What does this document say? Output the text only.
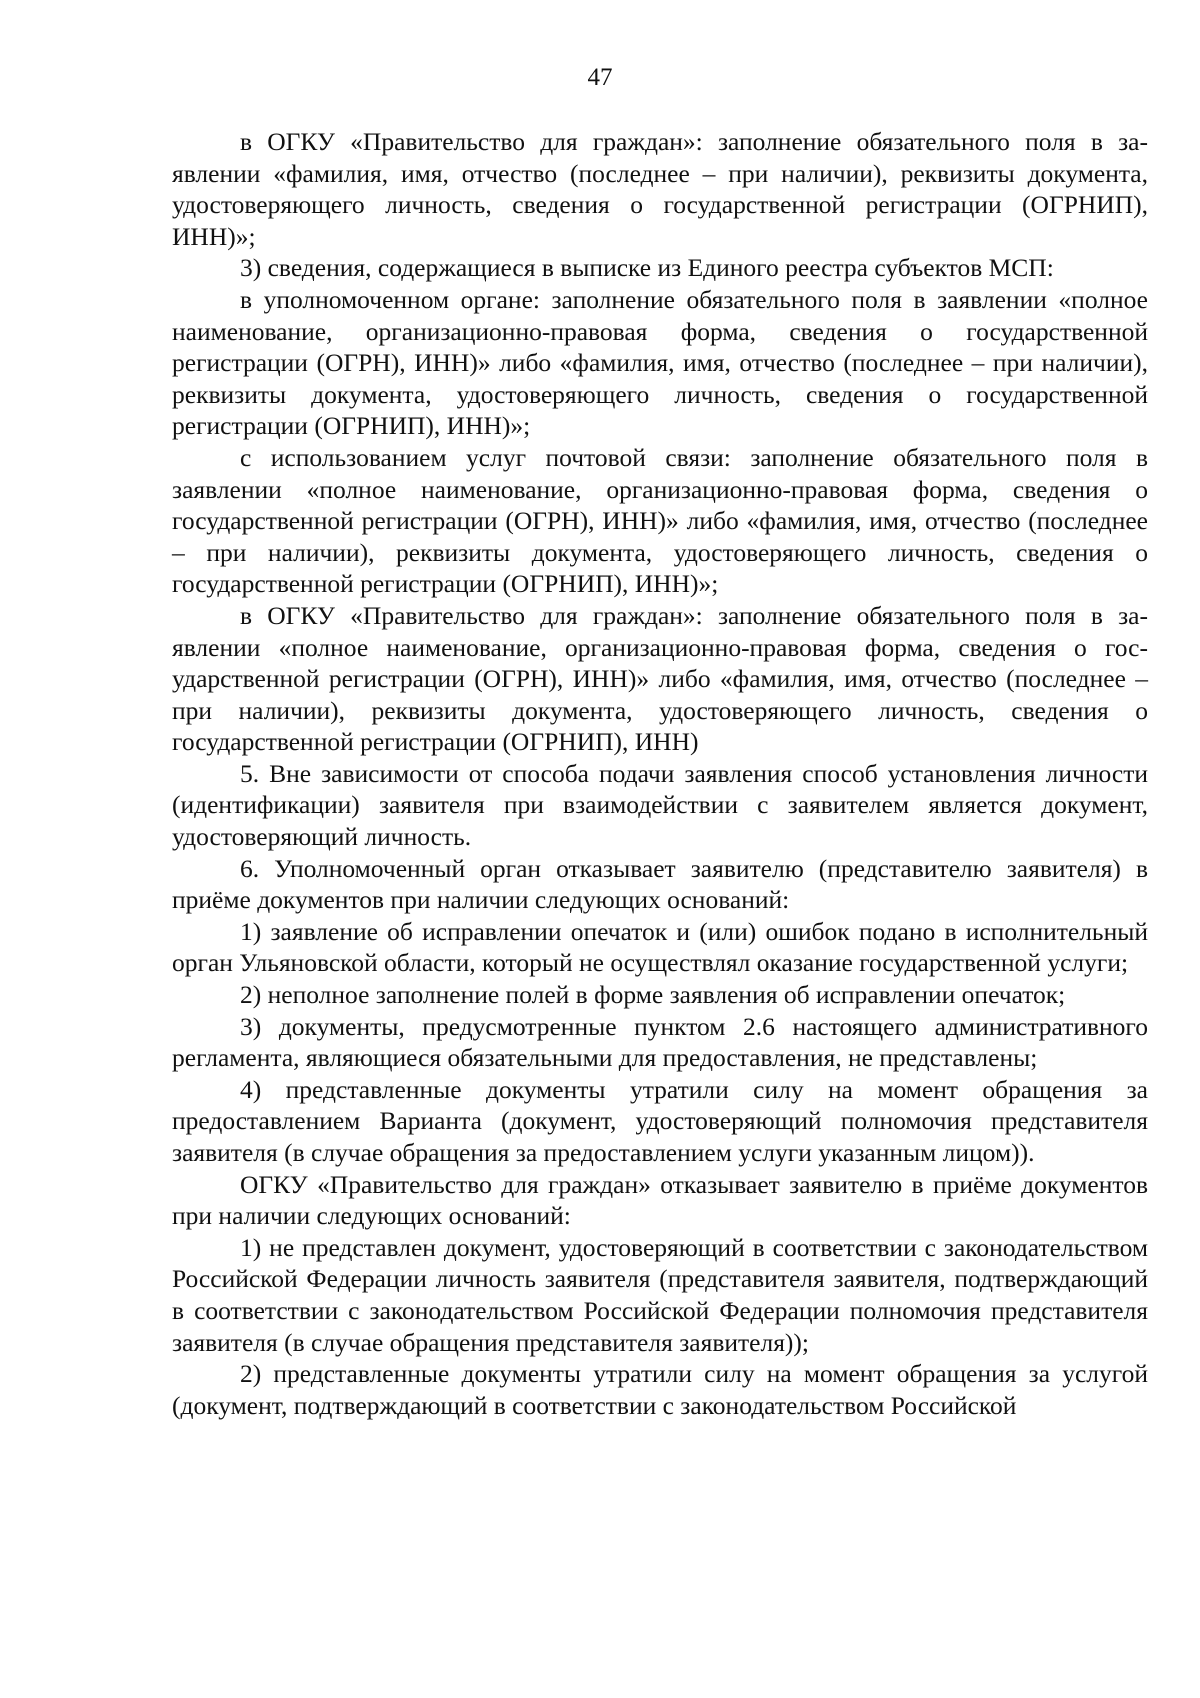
47

в ОГКУ «Правительство для граждан»: заполнение обязательного поля в заявлении «фамилия, имя, отчество (последнее – при наличии), реквизиты документа, удостоверяющего личность, сведения о государственной регистрации (ОГРНИП), ИНН)»;

3) сведения, содержащиеся в выписке из Единого реестра субъектов МСП:

в уполномоченном органе: заполнение обязательного поля в заявлении «полное наименование, организационно-правовая форма, сведения о государственной регистрации (ОГРН), ИНН)» либо «фамилия, имя, отчество (последнее – при наличии), реквизиты документа, удостоверяющего личность, сведения о государственной регистрации (ОГРНИП), ИНН)»;

с использованием услуг почтовой связи: заполнение обязательного поля в заявлении «полное наименование, организационно-правовая форма, сведения о государственной регистрации (ОГРН), ИНН)» либо «фамилия, имя, отчество (последнее – при наличии), реквизиты документа, удостоверяющего личность, сведения о государственной регистрации (ОГРНИП), ИНН)»;

в ОГКУ «Правительство для граждан»: заполнение обязательного поля в заявлении «полное наименование, организационно-правовая форма, сведения о государственной регистрации (ОГРН), ИНН)» либо «фамилия, имя, отчество (последнее – при наличии), реквизиты документа, удостоверяющего личность, сведения о государственной регистрации (ОГРНИП), ИНН)

5. Вне зависимости от способа подачи заявления способ установления личности (идентификации) заявителя при взаимодействии с заявителем является документ, удостоверяющий личность.

6. Уполномоченный орган отказывает заявителю (представителю заявителя) в приёме документов при наличии следующих оснований:

1) заявление об исправлении опечаток и (или) ошибок подано в исполнительный орган Ульяновской области, который не осуществлял оказание государственной услуги;

2) неполное заполнение полей в форме заявления об исправлении опечаток;

3) документы, предусмотренные пунктом 2.6 настоящего административного регламента, являющиеся обязательными для предоставления, не представлены;

4) представленные документы утратили силу на момент обращения за предоставлением Варианта (документ, удостоверяющий полномочия представителя заявителя (в случае обращения за предоставлением услуги указанным лицом)).

ОГКУ «Правительство для граждан» отказывает заявителю в приёме документов при наличии следующих оснований:

1) не представлен документ, удостоверяющий в соответствии с законодательством Российской Федерации личность заявителя (представителя заявителя, подтверждающий в соответствии с законодательством Российской Федерации полномочия представителя заявителя (в случае обращения представителя заявителя));

2) представленные документы утратили силу на момент обращения за услугой (документ, подтверждающий в соответствии с законодательством Российской
